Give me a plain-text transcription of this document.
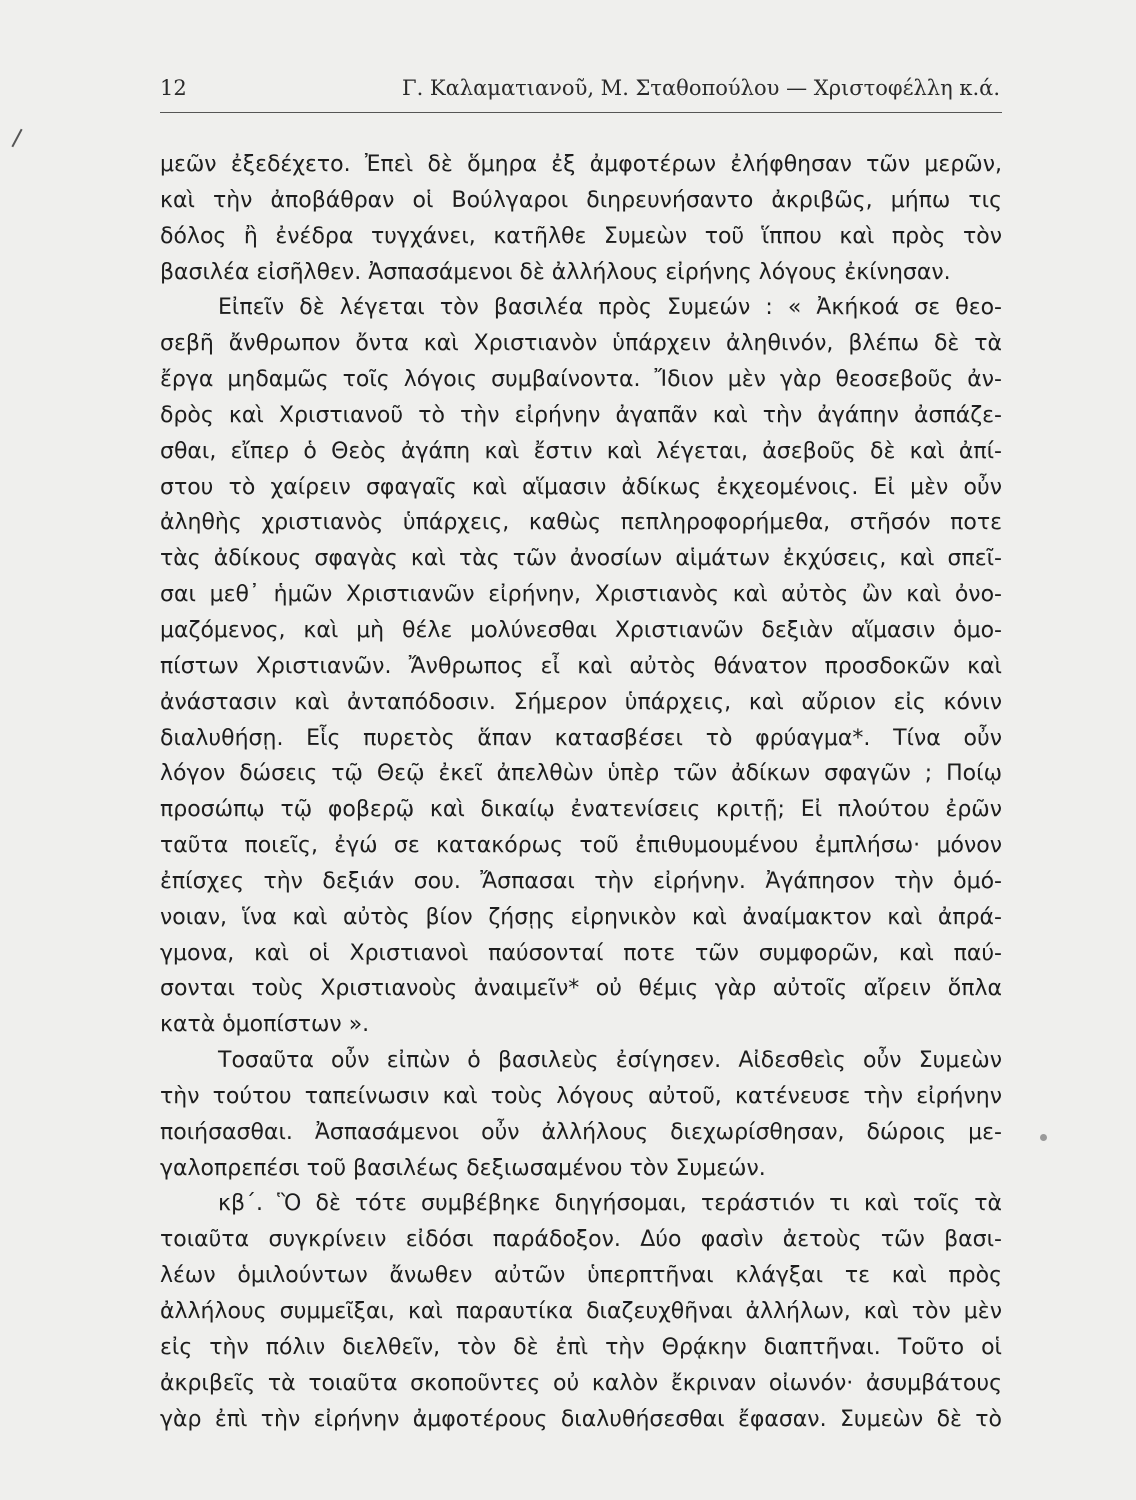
12	Γ. Καλαματιανοῦ, Μ. Σταθοπούλου — Χριστοφέλλη κ.ά.
μεῶν ἐξεδέχετο. Ἐπεὶ δὲ ὅμηρα ἐξ ἀμφοτέρων ἐλήφθησαν τῶν μερῶν,
καὶ τὴν ἀποβάθραν οἱ Βούλγαροι διηρευνήσαντο ἀκριβῶς, μήπω τις
δόλος ἢ ἐνέδρα τυγχάνει, κατῆλθε Συμεὼν τοῦ ἵππου καὶ πρὸς τὸν
βασιλέα εἰσῆλθεν. Ἀσπασάμενοι δὲ ἀλλήλους εἰρήνης λόγους ἐκίνησαν.
Εἰπεῖν δὲ λέγεται τὸν βασιλέα πρὸς Συμεών : « Ἀκήκοά σε θεο-
σεβῆ ἄνθρωπον ὄντα καὶ Χριστιανὸν ὑπάρχειν ἀληθινόν, βλέπω δὲ τὰ
ἔργα μηδαμῶς τοῖς λόγοις συμβαίνοντα. Ἴδιον μὲν γὰρ θεοσεβοῦς ἀν-
δρὸς καὶ Χριστιανοῦ τὸ τὴν εἰρήνην ἀγαπᾶν καὶ τὴν ἀγάπην ἀσπάζε-
σθαι, εἴπερ ὁ Θεὸς ἀγάπη καὶ ἔστιν καὶ λέγεται, ἀσεβοῦς δὲ καὶ ἀπί-
στου τὸ χαίρειν σφαγαῖς καὶ αἵμασιν ἀδίκως ἐκχεομένοις. Εἰ μὲν οὖν
ἀληθὴς χριστιανὸς ὑπάρχεις, καθὼς πεπληροφορήμεθα, στῆσόν ποτε
τὰς ἀδίκους σφαγὰς καὶ τὰς τῶν ἀνοσίων αἱμάτων ἐκχύσεις, καὶ σπεῖ-
σαι μεθ᾽ ἡμῶν Χριστιανῶν εἰρήνην, Χριστιανὸς καὶ αὐτὸς ὢν καὶ ὀνο-
μαζόμενος, καὶ μὴ θέλε μολύνεσθαι Χριστιανῶν δεξιὰν αἵμασιν ὁμο-
πίστων Χριστιανῶν. Ἄνθρωπος εἶ καὶ αὐτὸς θάνατον προσδοκῶν καὶ
ἀνάστασιν καὶ ἀνταπόδοσιν. Σήμερον ὑπάρχεις, καὶ αὔριον εἰς κόνιν
διαλυθήσῃ. Εἷς πυρετὸς ἅπαν κατασβέσει τὸ φρύαγμα*. Τίνα οὖν
λόγον δώσεις τῷ Θεῷ ἐκεῖ ἀπελθὼν ὑπὲρ τῶν ἀδίκων σφαγῶν ; Ποίῳ
προσώπῳ τῷ φοβερῷ καὶ δικαίῳ ἐνατενίσεις κριτῇ; Εἰ πλούτου ἐρῶν
ταῦτα ποιεῖς, ἐγώ σε κατακόρως τοῦ ἐπιθυμουμένου ἐμπλήσω· μόνον
ἐπίσχες τὴν δεξιάν σου. Ἄσπασαι τὴν εἰρήνην. Ἀγάπησον τὴν ὁμό-
νοιαν, ἵνα καὶ αὐτὸς βίον ζήσῃς εἰρηνικὸν καὶ ἀναίμακτον καὶ ἀπρά-
γμονα, καὶ οἱ Χριστιανοὶ παύσονταί ποτε τῶν συμφορῶν, καὶ παύ-
σονται τοὺς Χριστιανοὺς ἀναιμεῖν* οὐ θέμις γὰρ αὐτοῖς αἴρειν ὅπλα
κατὰ ὁμοπίστων ».
Τοσαῦτα οὖν εἰπὼν ὁ βασιλεὺς ἐσίγησεν. Αἰδεσθεὶς οὖν Συμεὼν
τὴν τούτου ταπείνωσιν καὶ τοὺς λόγους αὐτοῦ, κατένευσε τὴν εἰρήνην
ποιήσασθαι. Ἀσπασάμενοι οὖν ἀλλήλους διεχωρίσθησαν, δώροις με-
γαλοπρεπέσι τοῦ βασιλέως δεξιωσαμένου τὸν Συμεών.
κβ΄. Ὃ δὲ τότε συμβέβηκε διηγήσομαι, τεράστιόν τι καὶ τοῖς τὰ
τοιαῦτα συγκρίνειν εἰδόσι παράδοξον. Δύο φασὶν ἀετοὺς τῶν βασι-
λέων ὁμιλούντων ἄνωθεν αὐτῶν ὑπερπτῆναι κλάγξαι τε καὶ πρὸς
ἀλλήλους συμμεῖξαι, καὶ παραυτίκα διαζευχθῆναι ἀλλήλων, καὶ τὸν μὲν
εἰς τὴν πόλιν διελθεῖν, τὸν δὲ ἐπὶ τὴν Θρᾴκην διαπτῆναι. Τοῦτο οἱ
ἀκριβεῖς τὰ τοιαῦτα σκοποῦντες οὐ καλὸν ἔκριναν οἰωνόν· ἀσυμβάτους
γὰρ ἐπὶ τὴν εἰρήνην ἀμφοτέρους διαλυθήσεσθαι ἔφασαν. Συμεὼν δὲ τὸ
